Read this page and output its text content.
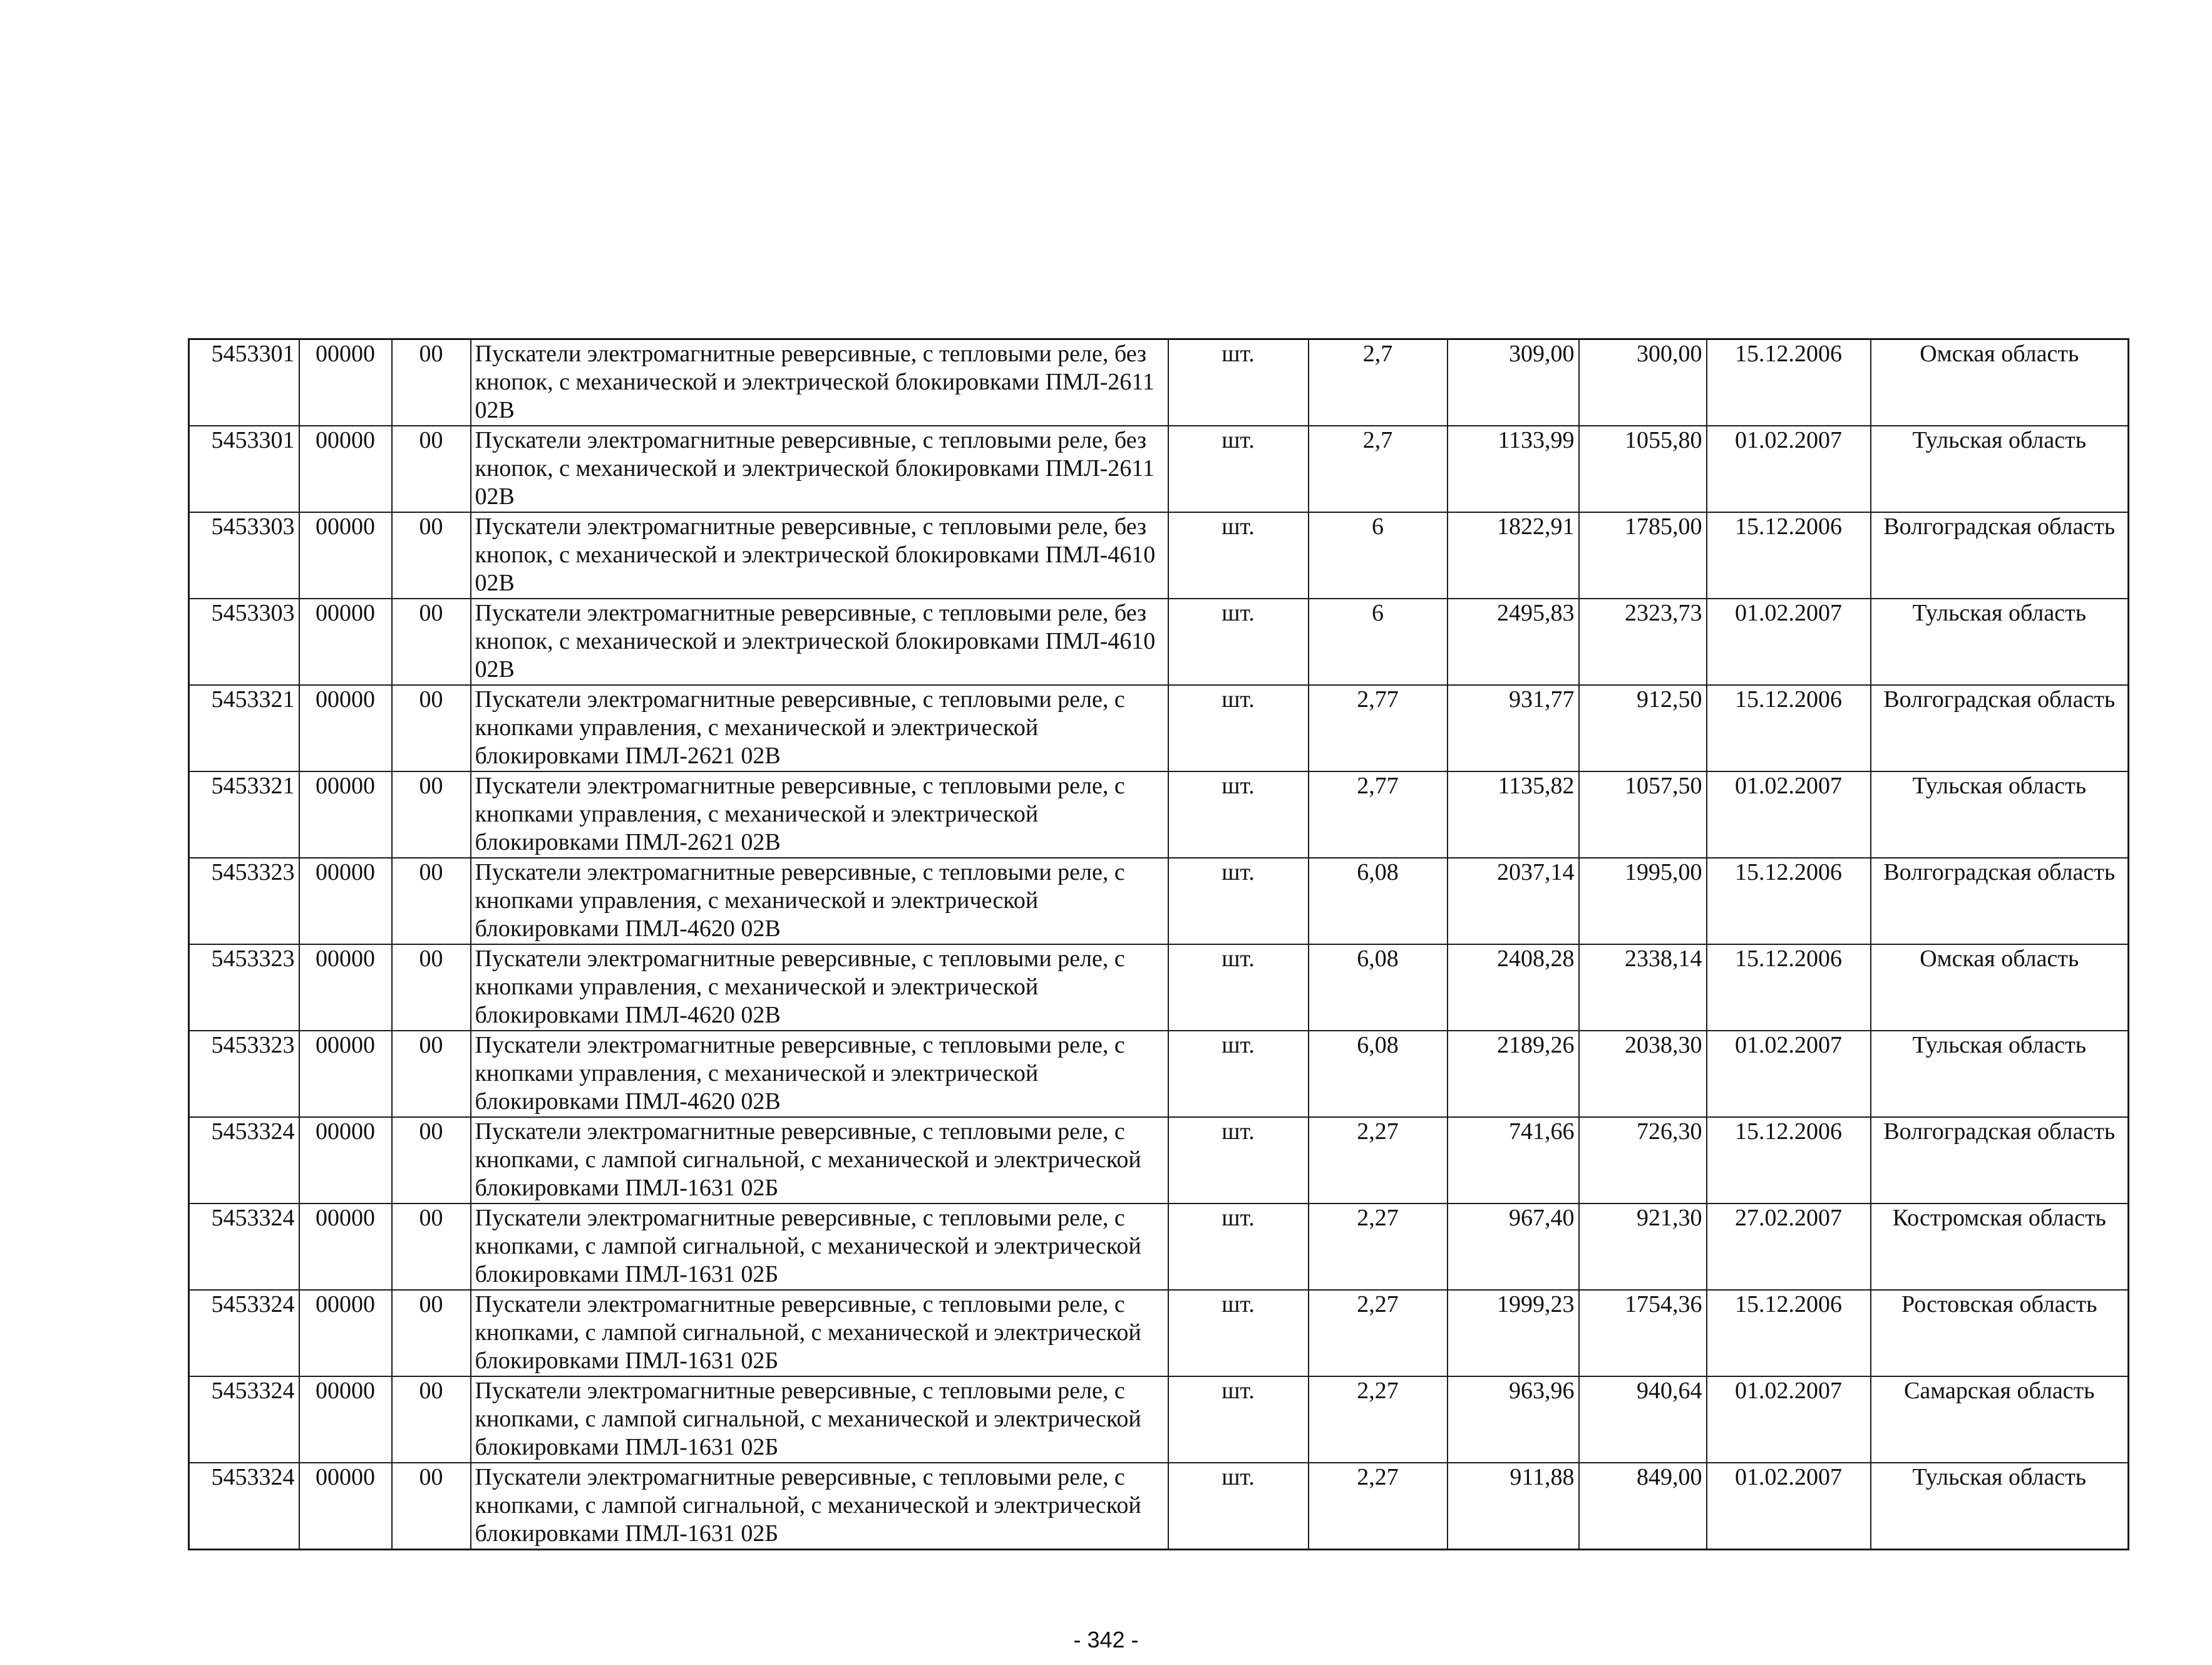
5453301	00000	00	Пускатели электромагнитные реверсивные, с тепловыми реле, без кнопок, с механической и электрической блокировками ПМЛ-2611 02В	шт.	2,7	309,00	300,00	15.12.2006	Омская область
5453301	00000	00	Пускатели электромагнитные реверсивные, с тепловыми реле, без кнопок, с механической и электрической блокировками ПМЛ-2611 02В	шт.	2,7	1133,99	1055,80	01.02.2007	Тульская область
5453303	00000	00	Пускатели электромагнитные реверсивные, с тепловыми реле, без кнопок, с механической и электрической блокировками ПМЛ-4610 02В	шт.	6	1822,91	1785,00	15.12.2006	Волгоградская область
5453303	00000	00	Пускатели электромагнитные реверсивные, с тепловыми реле, без кнопок, с механической и электрической блокировками ПМЛ-4610 02В	шт.	6	2495,83	2323,73	01.02.2007	Тульская область
5453321	00000	00	Пускатели электромагнитные реверсивные, с тепловыми реле, с кнопками управления, с механической и электрической блокировками ПМЛ-2621 02В	шт.	2,77	931,77	912,50	15.12.2006	Волгоградская область
5453321	00000	00	Пускатели электромагнитные реверсивные, с тепловыми реле, с кнопками управления, с механической и электрической блокировками ПМЛ-2621 02В	шт.	2,77	1135,82	1057,50	01.02.2007	Тульская область
5453323	00000	00	Пускатели электромагнитные реверсивные, с тепловыми реле, с кнопками управления, с механической и электрической блокировками ПМЛ-4620 02В	шт.	6,08	2037,14	1995,00	15.12.2006	Волгоградская область
5453323	00000	00	Пускатели электромагнитные реверсивные, с тепловыми реле, с кнопками управления, с механической и электрической блокировками ПМЛ-4620 02В	шт.	6,08	2408,28	2338,14	15.12.2006	Омская область
5453323	00000	00	Пускатели электромагнитные реверсивные, с тепловыми реле, с кнопками управления, с механической и электрической блокировками ПМЛ-4620 02В	шт.	6,08	2189,26	2038,30	01.02.2007	Тульская область
5453324	00000	00	Пускатели электромагнитные реверсивные, с тепловыми реле, с кнопками, с лампой сигнальной, с механической и электрической блокировками ПМЛ-1631 02Б	шт.	2,27	741,66	726,30	15.12.2006	Волгоградская область
5453324	00000	00	Пускатели электромагнитные реверсивные, с тепловыми реле, с кнопками, с лампой сигнальной, с механической и электрической блокировками ПМЛ-1631 02Б	шт.	2,27	967,40	921,30	27.02.2007	Костромская область
5453324	00000	00	Пускатели электромагнитные реверсивные, с тепловыми реле, с кнопками, с лампой сигнальной, с механической и электрической блокировками ПМЛ-1631 02Б	шт.	2,27	1999,23	1754,36	15.12.2006	Ростовская область
5453324	00000	00	Пускатели электромагнитные реверсивные, с тепловыми реле, с кнопками, с лампой сигнальной, с механической и электрической блокировками ПМЛ-1631 02Б	шт.	2,27	963,96	940,64	01.02.2007	Самарская область
5453324	00000	00	Пускатели электромагнитные реверсивные, с тепловыми реле, с кнопками, с лампой сигнальной, с механической и электрической блокировками ПМЛ-1631 02Б	шт.	2,27	911,88	849,00	01.02.2007	Тульская область
- 342 -
